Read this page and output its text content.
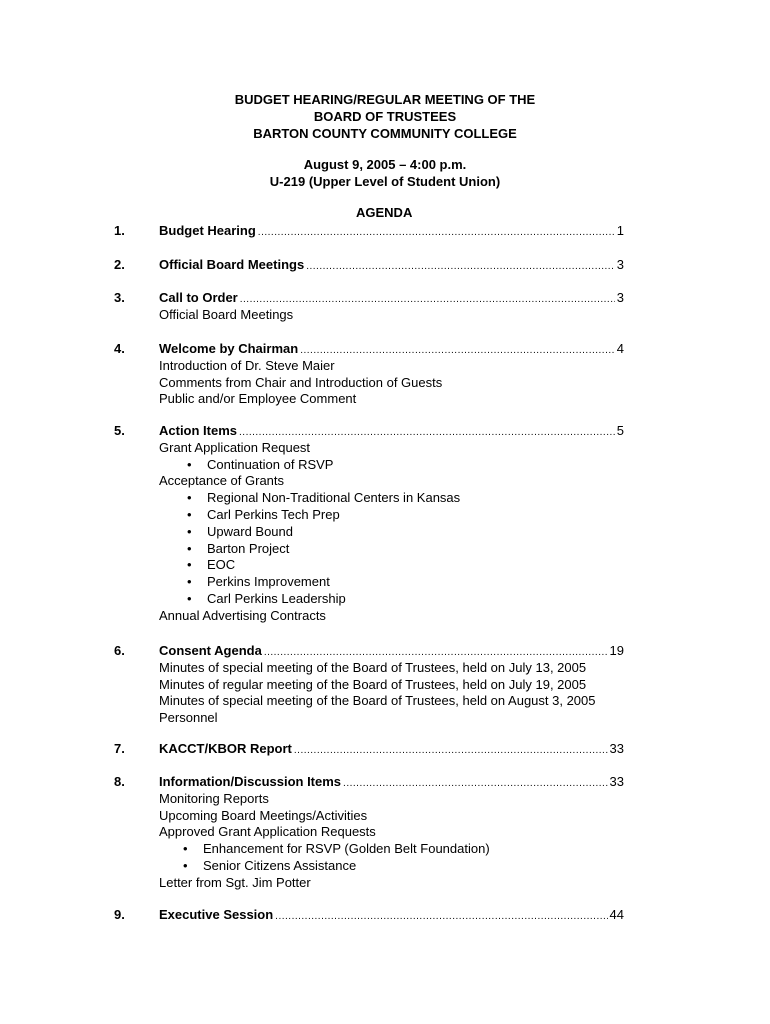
BUDGET HEARING/REGULAR MEETING OF THE
BOARD OF TRUSTEES
BARTON COUNTY COMMUNITY COLLEGE
August 9, 2005 – 4:00 p.m.
U-219 (Upper Level of Student Union)
AGENDA
1.	Budget Hearing .....	1
2.	Official Board Meetings .....	3
3.	Call to Order .....	3
Official Board Meetings
4.	Welcome by Chairman .....	4
Introduction of Dr. Steve Maier
Comments from Chair and Introduction of Guests
Public and/or Employee Comment
5.	Action Items .....	5
Grant Application Request
• Continuation of RSVP
Acceptance of Grants
• Regional Non-Traditional Centers in Kansas
• Carl Perkins Tech Prep
• Upward Bound
• Barton Project
• EOC
• Perkins Improvement
• Carl Perkins Leadership
Annual Advertising Contracts
6.	Consent Agenda .....	19
Minutes of special meeting of the Board of Trustees, held on July 13, 2005
Minutes of regular meeting of the Board of Trustees, held on July 19, 2005
Minutes of special meeting of the Board of Trustees, held on August 3, 2005
Personnel
7.	KACCT/KBOR Report .....	33
8.	Information/Discussion Items .....	33
Monitoring Reports
Upcoming Board Meetings/Activities
Approved Grant Application Requests
• Enhancement for RSVP (Golden Belt Foundation)
• Senior Citizens Assistance
Letter from Sgt. Jim Potter
9.	Executive Session .....	44
